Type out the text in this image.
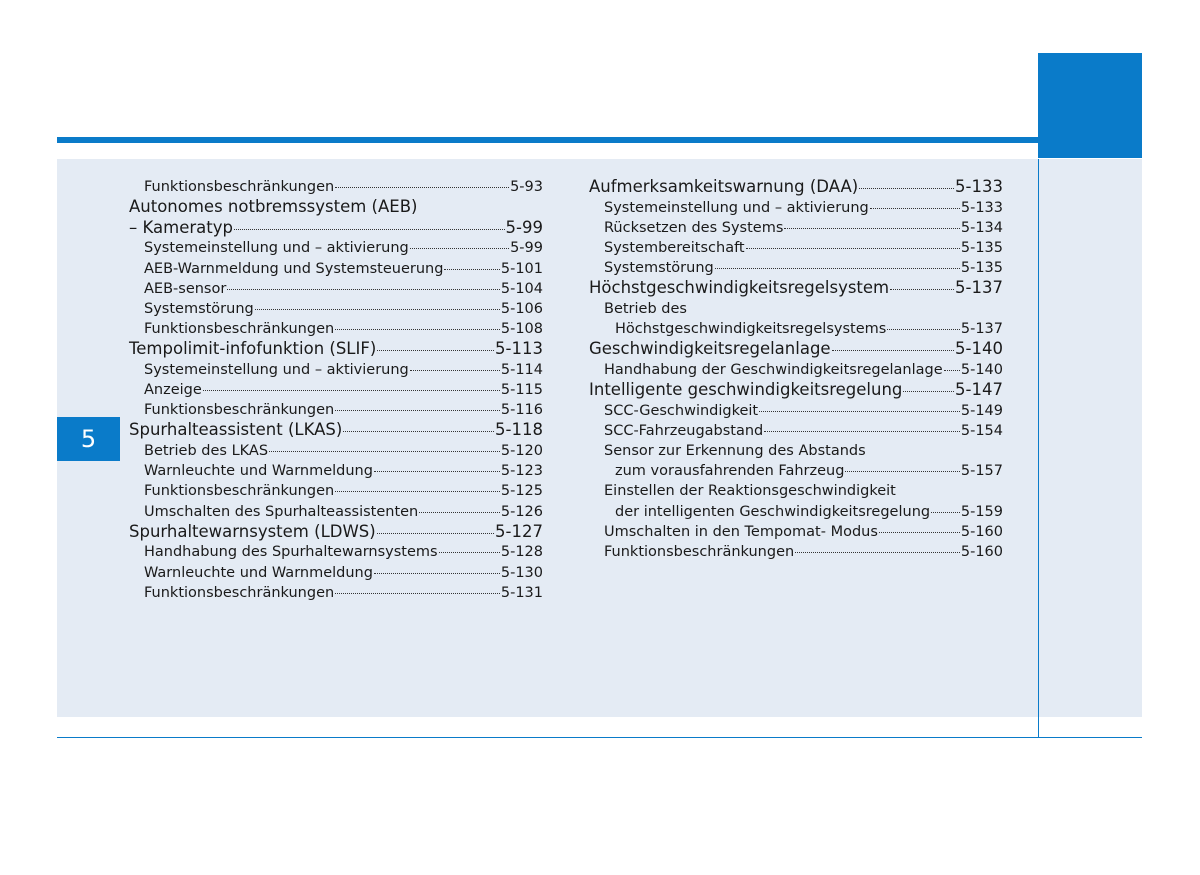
5
Funktionsbeschränkungen	5-93
Autonomes notbremssystem (AEB)
– Kameratyp	5-99
Systemeinstellung und – aktivierung	5-99
AEB-Warnmeldung und Systemsteuerung	5-101
AEB-sensor	5-104
Systemstörung	5-106
Funktionsbeschränkungen	5-108
Tempolimit-infofunktion (SLIF)	5-113
Systemeinstellung und – aktivierung	5-114
Anzeige	5-115
Funktionsbeschränkungen	5-116
Spurhalteassistent (LKAS)	5-118
Betrieb des LKAS	5-120
Warnleuchte und Warnmeldung	5-123
Funktionsbeschränkungen	5-125
Umschalten des Spurhalteassistenten	5-126
Spurhaltewarnsystem (LDWS)	5-127
Handhabung des Spurhaltewarnsystems	5-128
Warnleuchte und Warnmeldung	5-130
Funktionsbeschränkungen	5-131
Aufmerksamkeitswarnung (DAA)	5-133
Systemeinstellung und – aktivierung	5-133
Rücksetzen des Systems	5-134
Systembereitschaft	5-135
Systemstörung	5-135
Höchstgeschwindigkeitsregelsystem	5-137
Betrieb des
Höchstgeschwindigkeitsregelsystems	5-137
Geschwindigkeitsregelanlage	5-140
Handhabung der Geschwindigkeitsregelanlage 5-140
Intelligente geschwindigkeitsregelung	5-147
SCC-Geschwindigkeit	5-149
SCC-Fahrzeugabstand	5-154
Sensor zur Erkennung des Abstands
zum vorausfahrenden Fahrzeug	5-157
Einstellen der Reaktionsgeschwindigkeit
der intelligenten Geschwindigkeitsregelung 5-159
Umschalten in den Tempomat- Modus	5-160
Funktionsbeschränkungen	5-160
